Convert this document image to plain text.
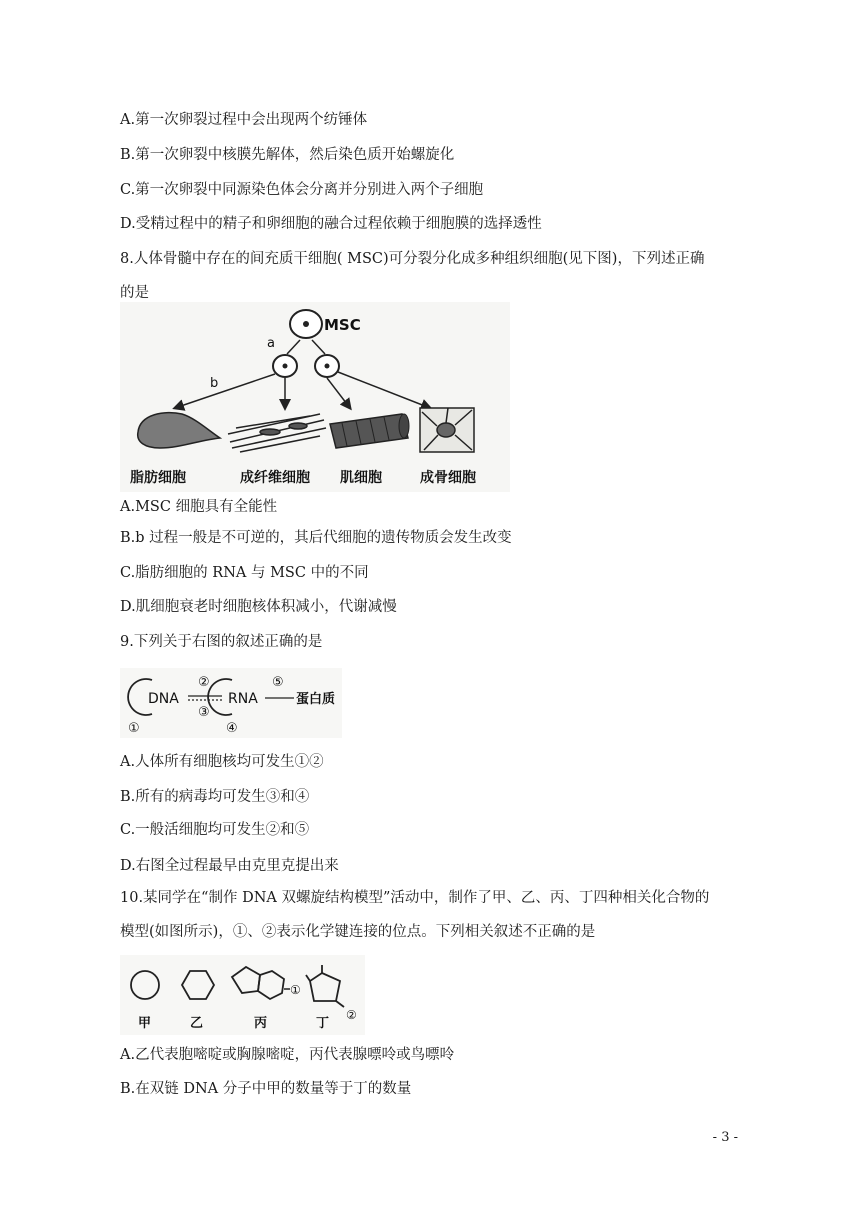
A.第一次卵裂过程中会出现两个纺锤体
B.第一次卵裂中核膜先解体，然后染色质开始螺旋化
C.第一次卵裂中同源染色体会分离并分别进入两个子细胞
D.受精过程中的精子和卵细胞的融合过程依赖于细胞膜的选择透性
8.人体骨髓中存在的间充质干细胞( MSC)可分裂分化成多种组织细胞(见下图)，下列述正确
的是
MSC
a
b
脂肪细胞	成纤维细胞 肌细胞	成骨细胞
A.MSC 细胞具有全能性
B.b 过程一般是不可逆的，其后代细胞的遗传物质会发生改变
C.脂肪细胞的 RNA 与 MSC 中的不同
D.肌细胞衰老时细胞核体积减小，代谢减慢
9.下列关于右图的叙述正确的是
DNA
①
②
③
RNA
④
⑤
蛋白质
A.人体所有细胞核均可发生①②
B.所有的病毒均可发生③和④
C.一般活细胞均可发生②和⑤
D.右图全过程最早由克里克提出来
10.某同学在“制作 DNA 双螺旋结构模型”活动中，制作了甲、乙、丙、丁四种相关化合物的
模型(如图所示)，①、②表示化学键连接的位点。下列相关叙述不正确的是
①
②
甲	乙	丙	丁
A.乙代表胞嘧啶或胸腺嘧啶，丙代表腺嘌呤或鸟嘌呤
B.在双链 DNA 分子中甲的数量等于丁的数量
- 3 -
